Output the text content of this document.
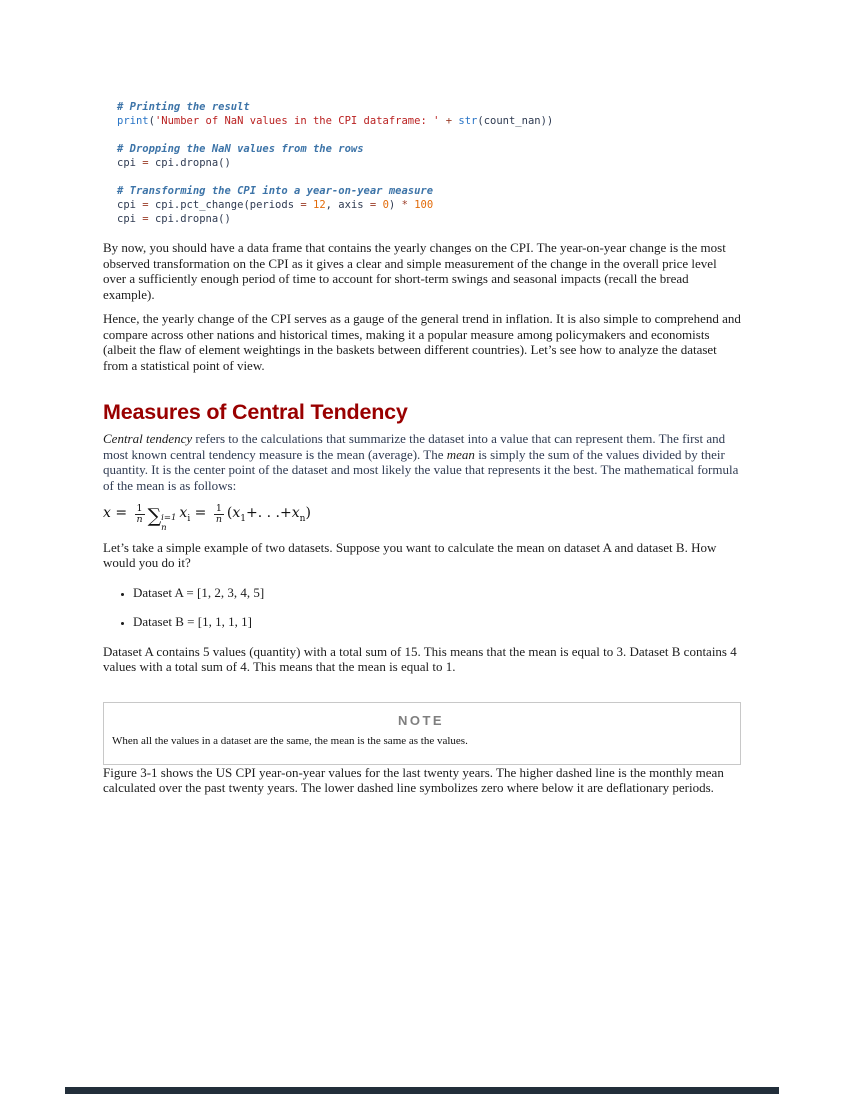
# Printing the result
print('Number of NaN values in the CPI dataframe: ' + str(count_nan))

# Dropping the NaN values from the rows
cpi = cpi.dropna()

# Transforming the CPI into a year-on-year measure
cpi = cpi.pct_change(periods = 12, axis = 0) * 100
cpi = cpi.dropna()

By now, you should have a data frame that contains the yearly changes on the CPI. The year-on-year change is the most observed transformation on the CPI as it gives a clear and simple measurement of the change in the overall price level over a sufficiently enough period of time to account for short-term swings and seasonal impacts (recall the bread example).

Hence, the yearly change of the CPI serves as a gauge of the general trend in inflation. It is also simple to comprehend and compare across other nations and historical times, making it a popular measure among policymakers and economists (albeit the flaw of element weightings in the baskets between different countries). Let’s see how to analyze the dataset from a statistical point of view.

Measures of Central Tendency

Central tendency refers to the calculations that summarize the dataset into a value that can represent them. The first and most known central tendency measure is the mean (average). The mean is simply the sum of the values divided by their quantity. It is the center point of the dataset and most likely the value that represents it the best. The mathematical formula of the mean is as follows:

$x = \frac{1}{n}$ ∑ i=1
n
$x_i = \frac{1}{n} (x_1+$. . $.+x_n$)

Let’s take a simple example of two datasets. Suppose you want to calculate the mean on dataset A and dataset B. How would you do it?

• Dataset A = [1, 2, 3, 4, 5]
• Dataset B = [1, 1, 1, 1]

Dataset A contains 5 values (quantity) with a total sum of 15. This means that the mean is equal to 3. Dataset B contains 4 values with a total sum of 4. This means that the mean is equal to 1.

NOTE
When all the values in a dataset are the same, the mean is the same as the values.

Figure 3-1 shows the US CPI year-on-year values for the last twenty years. The higher dashed line is the monthly mean calculated over the past twenty years. The lower dashed line symbolizes zero where below it are deflationary periods.
